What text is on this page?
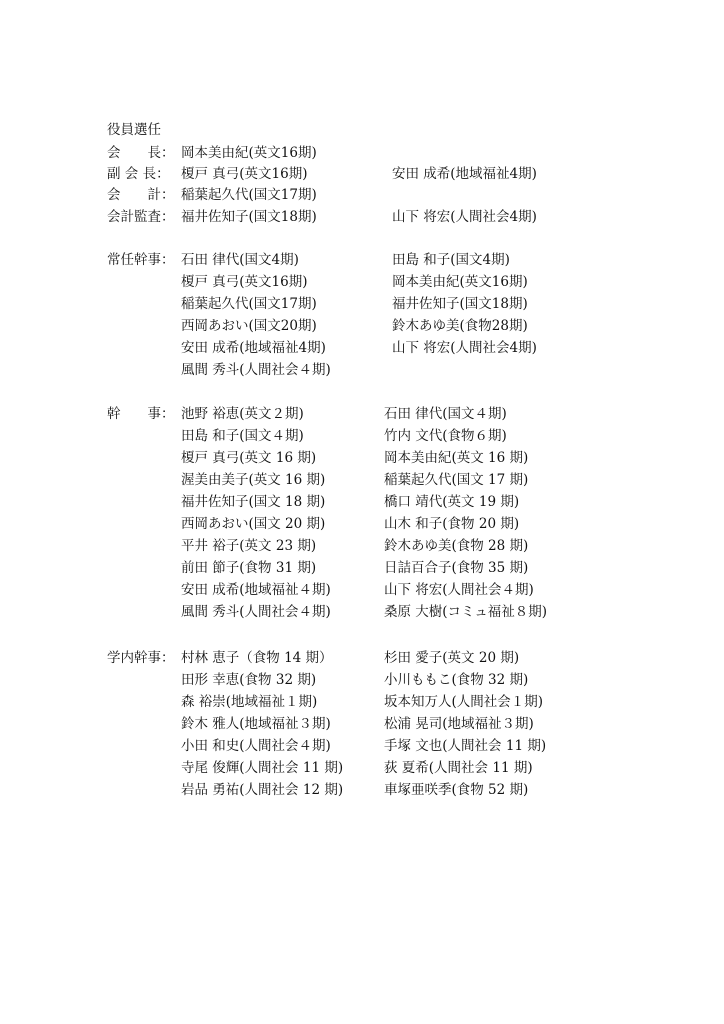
役員選任
会　　長： 岡本美由紀(英文16期)
副 会 長： 榎戸 真弓(英文16期)	安田 成希(地域福祉4期)
会　　計： 稲葉起久代(国文17期)
会計監査： 福井佐知子(国文18期)	山下 将宏(人間社会4期)
常任幹事： 石田 律代(国文4期)	田島 和子(国文4期)
榎戸 真弓(英文16期)	岡本美由紀(英文16期)
稲葉起久代(国文17期)	福井佐知子(国文18期)
西岡あおい(国文20期)	鈴木あゆ美(食物28期)
安田 成希(地域福祉4期)	山下 将宏(人間社会4期)
風間 秀斗(人間社会４期)
幹　　事： 池野 裕恵(英文２期)	石田 律代(国文４期)
田島 和子(国文４期)	竹内 文代(食物６期)
榎戸 真弓(英文 16 期)	岡本美由紀(英文 16 期)
渥美由美子(英文 16 期)	稲葉起久代(国文 17 期)
福井佐知子(国文 18 期)	橋口 靖代(英文 19 期)
西岡あおい(国文 20 期)	山木 和子(食物 20 期)
平井 裕子(英文 23 期)	鈴木あゆ美(食物 28 期)
前田 節子(食物 31 期)	日詰百合子(食物 35 期)
安田 成希(地域福祉４期)	山下 将宏(人間社会４期)
風間 秀斗(人間社会４期)	桑原 大樹(コミュ福祉８期)
学内幹事： 村林 恵子（食物 14 期）	杉田 愛子(英文 20 期)
田形 幸恵(食物 32 期)	小川ももこ(食物 32 期)
森 裕崇(地域福祉１期)	坂本知万人(人間社会１期)
鈴木 雅人(地域福祉３期)	松浦 晃司(地域福祉３期)
小田 和史(人間社会４期)	手塚 文也(人間社会 11 期)
寺尾 俊輝(人間社会 11 期)	荻 夏希(人間社会 11 期)
岩品 勇祐(人間社会 12 期)	車塚亜咲季(食物 52 期)
